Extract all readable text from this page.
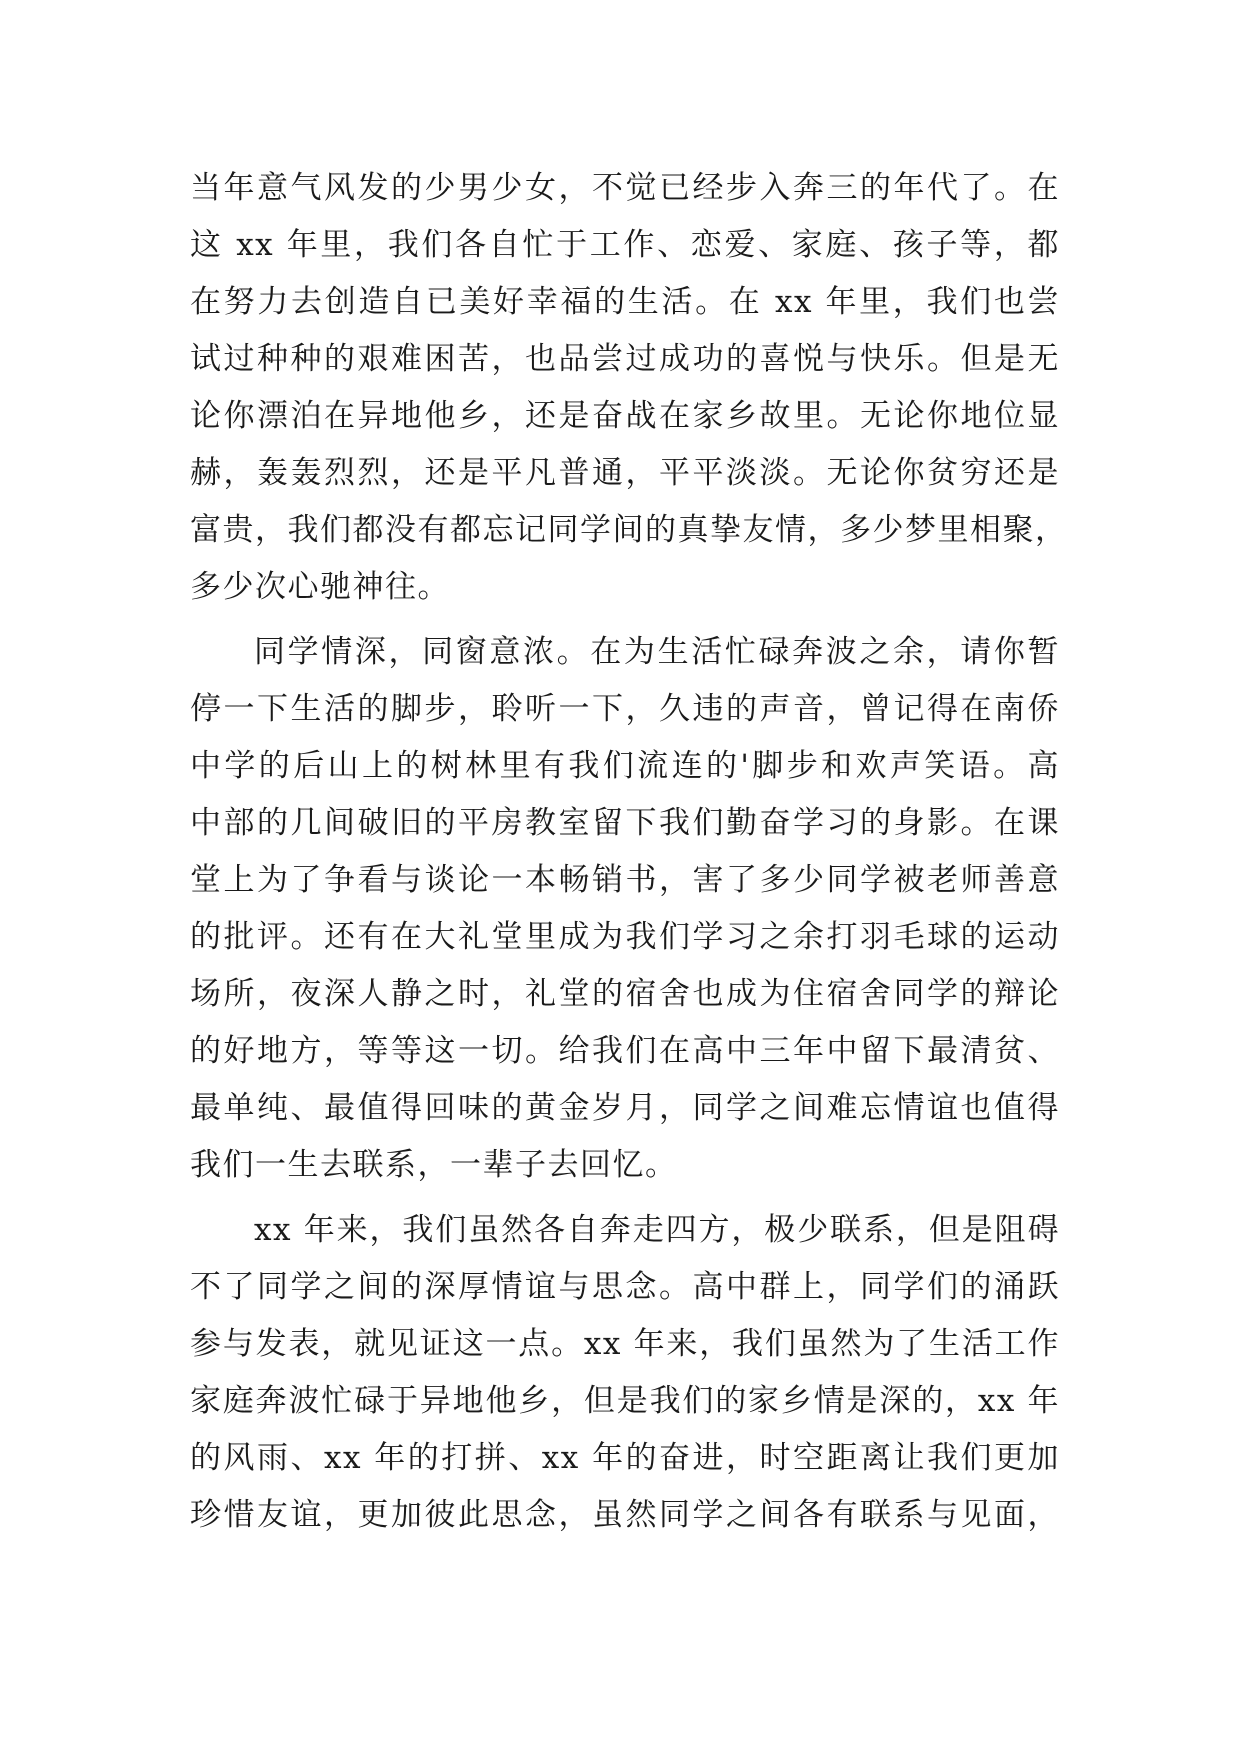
当年意气风发的少男少女，不觉已经步入奔三的年代了。在
这 xx 年里，我们各自忙于工作、恋爱、家庭、孩子等，都
在努力去创造自已美好幸福的生活。在 xx 年里，我们也尝
试过种种的艰难困苦，也品尝过成功的喜悦与快乐。但是无
论你漂泊在异地他乡，还是奋战在家乡故里。无论你地位显
赫，轰轰烈烈，还是平凡普通，平平淡淡。无论你贫穷还是
富贵，我们都没有都忘记同学间的真挚友情，多少梦里相聚，
多少次心驰神往。
同学情深，同窗意浓。在为生活忙碌奔波之余，请你暂
停一下生活的脚步，聆听一下，久违的声音，曾记得在南侨
中学的后山上的树林里有我们流连的'脚步和欢声笑语。高
中部的几间破旧的平房教室留下我们勤奋学习的身影。在课
堂上为了争看与谈论一本畅销书，害了多少同学被老师善意
的批评。还有在大礼堂里成为我们学习之余打羽毛球的运动
场所，夜深人静之时，礼堂的宿舍也成为住宿舍同学的辩论
的好地方，等等这一切。给我们在高中三年中留下最清贫、
最单纯、最值得回味的黄金岁月，同学之间难忘情谊也值得
我们一生去联系，一辈子去回忆。
xx 年来，我们虽然各自奔走四方，极少联系，但是阻碍
不了同学之间的深厚情谊与思念。高中群上，同学们的涌跃
参与发表，就见证这一点。xx 年来，我们虽然为了生活工作
家庭奔波忙碌于异地他乡，但是我们的家乡情是深的，xx 年
的风雨、xx 年的打拼、xx 年的奋进，时空距离让我们更加
珍惜友谊，更加彼此思念，虽然同学之间各有联系与见面，
